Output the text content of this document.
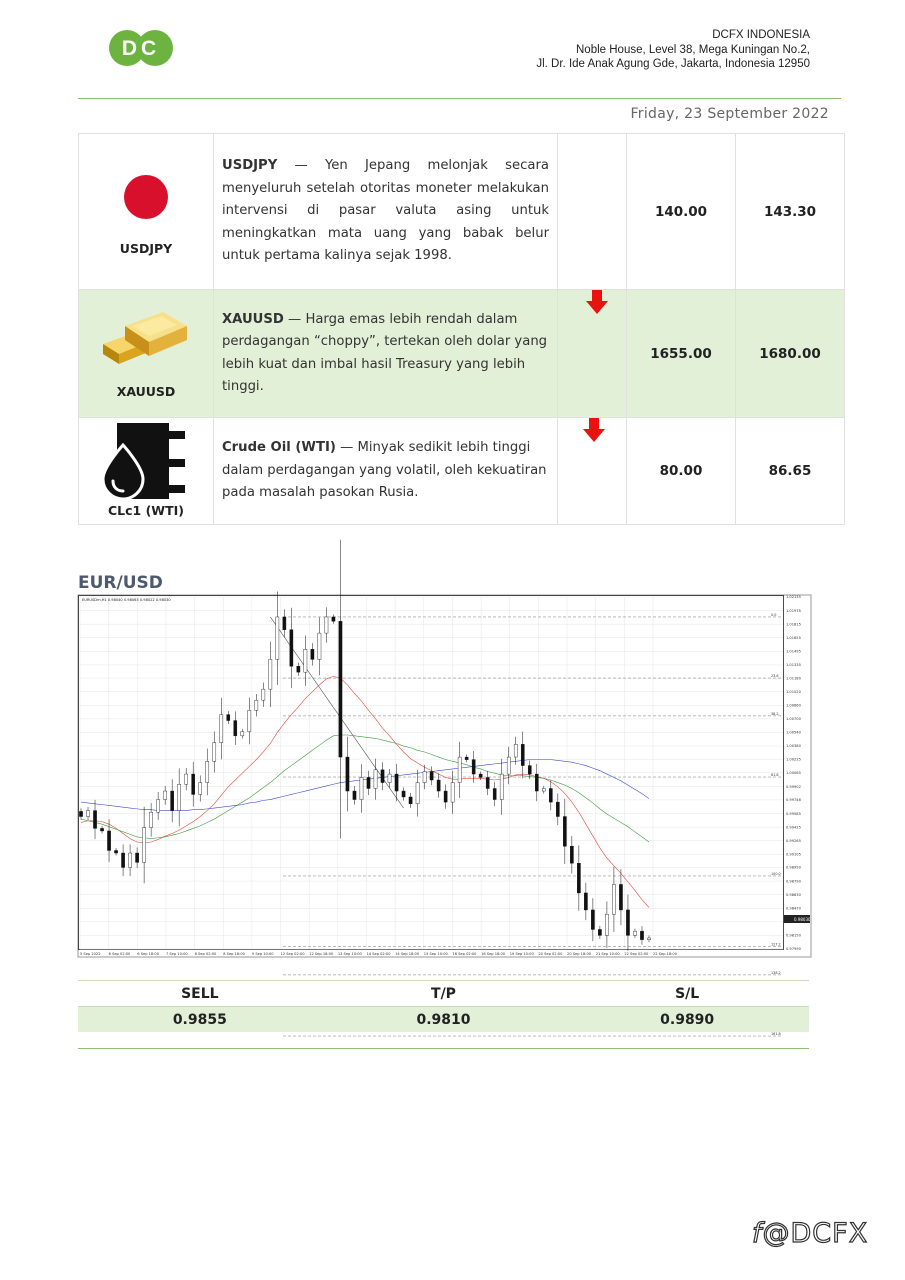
DC
DCFX INDONESIA
Noble House, Level 38, Mega Kuningan No.2,
Jl. Dr. Ide Anak Agung Gde, Jakarta, Indonesia 12950
Friday, 23 September 2022
USDJPY	USDJPY — Yen Jepang melonjak secara menyeluruh setelah otoritas moneter melakukan intervensi di pasar valuta asing untuk meningkatkan mata uang yang babak belur untuk pertama kalinya sejak 1998.		140.00	143.30

XAUUSD	XAUUSD — Harga emas lebih rendah dalam perdagangan “choppy”, tertekan oleh dolar yang lebih kuat dan imbal hasil Treasury yang lebih tinggi.		1655.00	1680.00

CLc1 (WTI)	Crude Oil (WTI) — Minyak sedikit lebih tinggi dalam perdagangan yang volatil, oleh kekuatiran pada masalah pasokan Rusia.		80.00	86.65
EUR/USD
0.0
23.6
38.2
61.8
100.0
127.2
138.2
161.8
1.02135
1.01975
1.01815
1.01655
1.01495
1.01335
1.01180
1.01020
1.00860
1.00700
1.00540
1.00380
1.00225
1.00065
0.99902
0.99746
0.99585
0.99425
0.99265
0.99105
0.98950
0.98790
0.98630
0.98470
0.98150
0.97990
5 Sep 2022 6 Sep 02:00 6 Sep 18:00 7 Sep 10:00 8 Sep 02:00 8 Sep 18:00 9 Sep 10:00 12 Sep 02:00 12 Sep 18:00 13 Sep 10:00 14 Sep 02:00 14 Sep 18:00 15 Sep 10:00 16 Sep 02:00 16 Sep 18:00 19 Sep 10:00 20 Sep 02:00 20 Sep 18:00 21 Sep 10:00 22 Sep 02:00 22 Sep 18:00
EURUSDm,H1 0.98040 0.98063 0.98022 0.98030
0.98030
SELL	T/P	S/L
0.9855	0.9810	0.9890
f@DCFX
